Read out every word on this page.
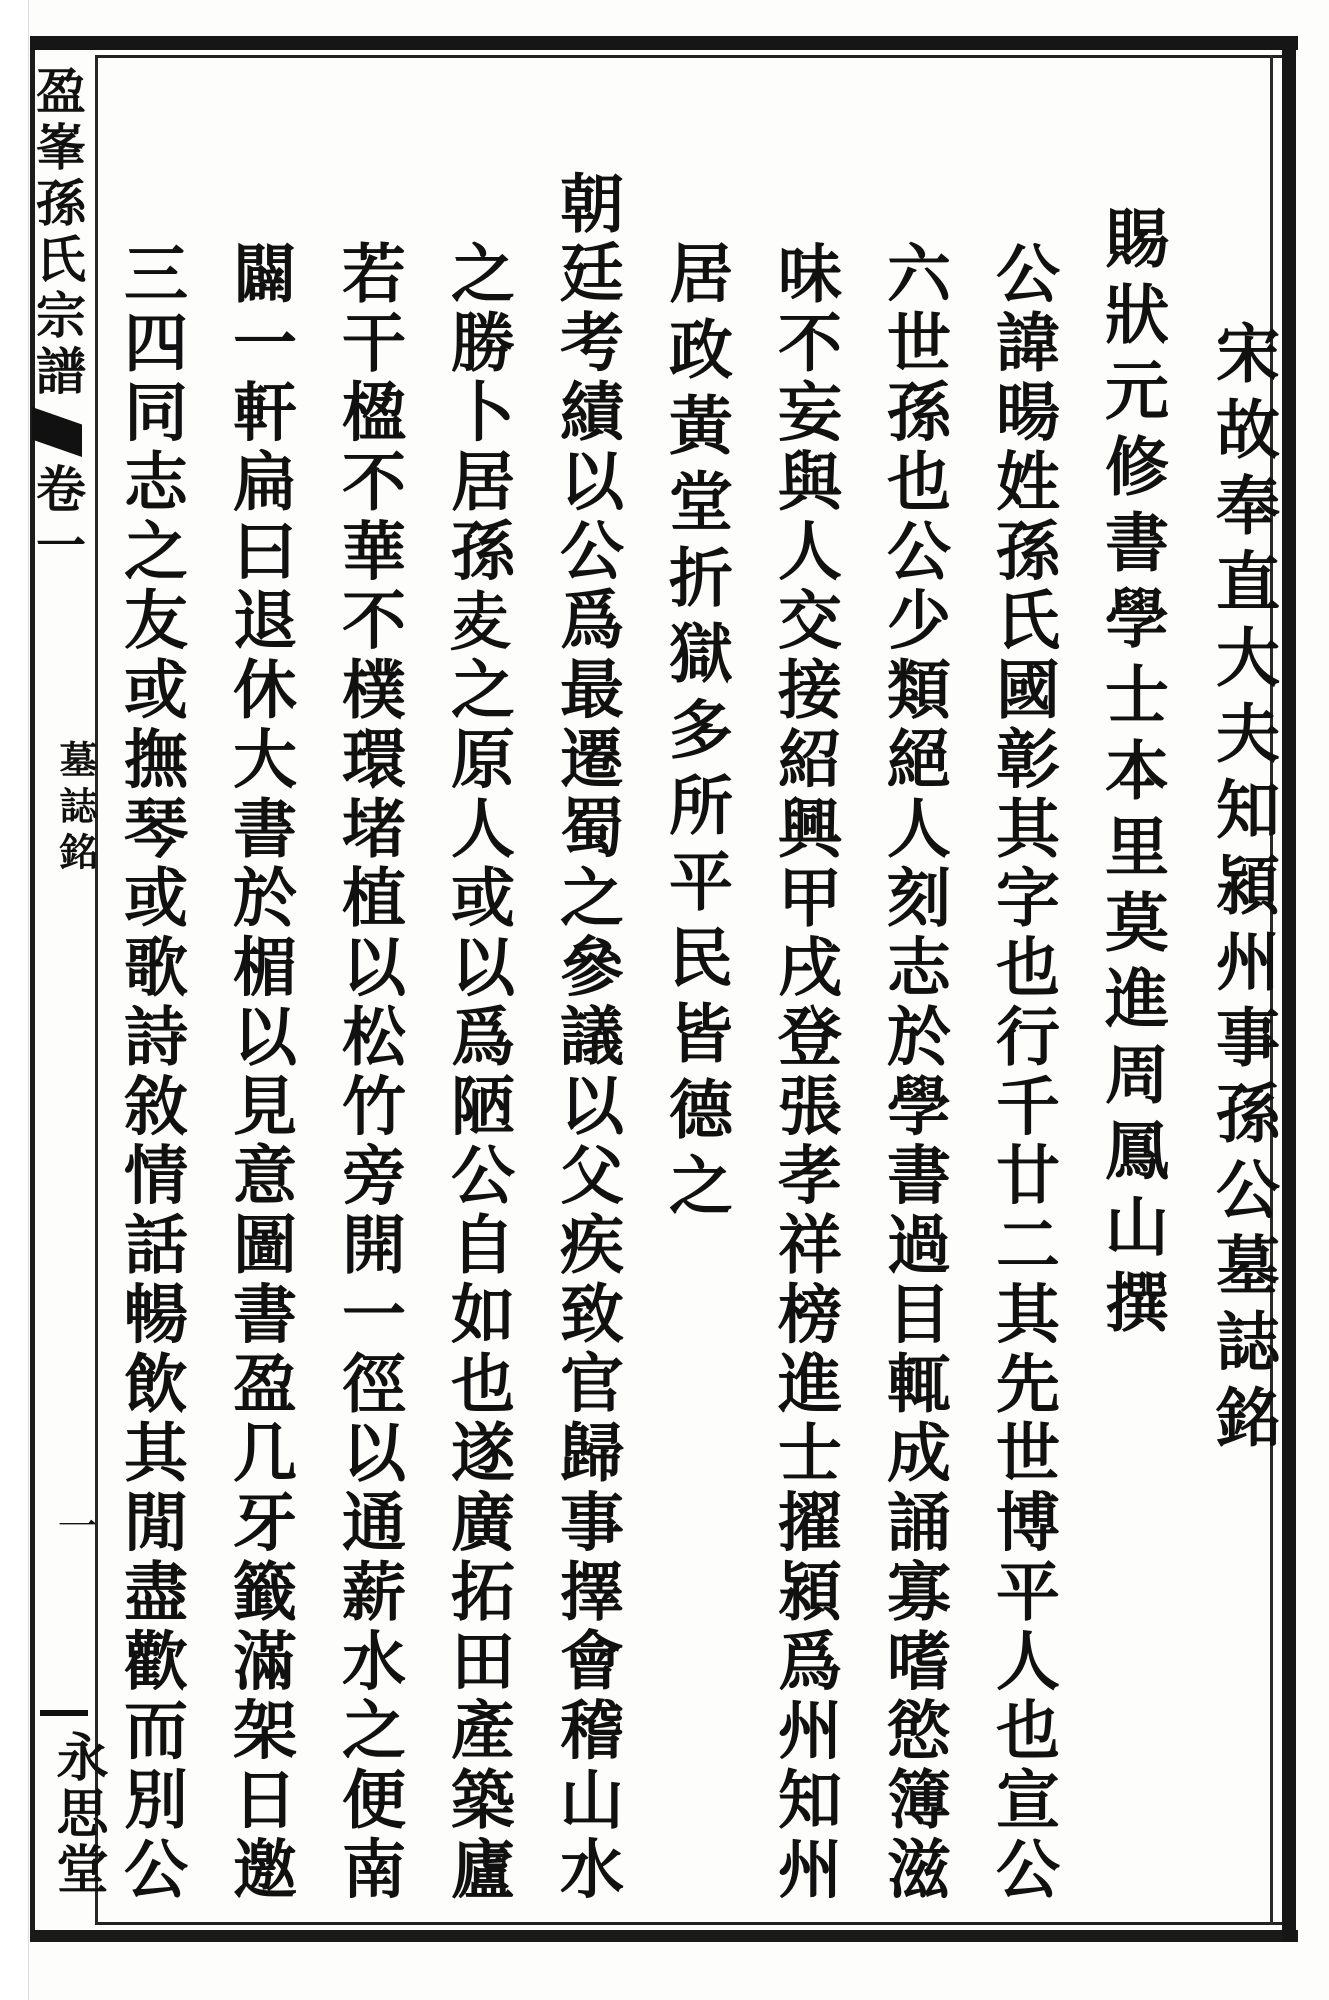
盈峯孫氏宗譜卷一
墓誌銘
一
永思堂
宋故奉直大夫知潁州事孫公墓誌銘
賜狀元修書學士本里莫進周鳳山撰
公諱暘姓孫氏國彰其字也行千廿二其先世博平人也宣公
六世孫也公少類絕人刻志於學書過目輒成誦寡嗜慾簿滋
味不妄與人交接紹興甲戌登張孝祥榜進士擢潁爲州知州
居政黃堂折獄多所平民皆德之
朝廷考績以公爲最遷蜀之參議以父疾致官歸事擇會稽山水
之勝卜居孫𡕟之原人或以爲陋公自如也遂廣拓田產築廬
若干楹不華不樸環堵植以松竹旁開一徑以通薪水之便南
闢一軒扁曰退休大書於楣以見意圖書盈几牙籤滿架日邀
三四同志之友或撫琴或歌詩敘情話暢飲其閒盡歡而別公
